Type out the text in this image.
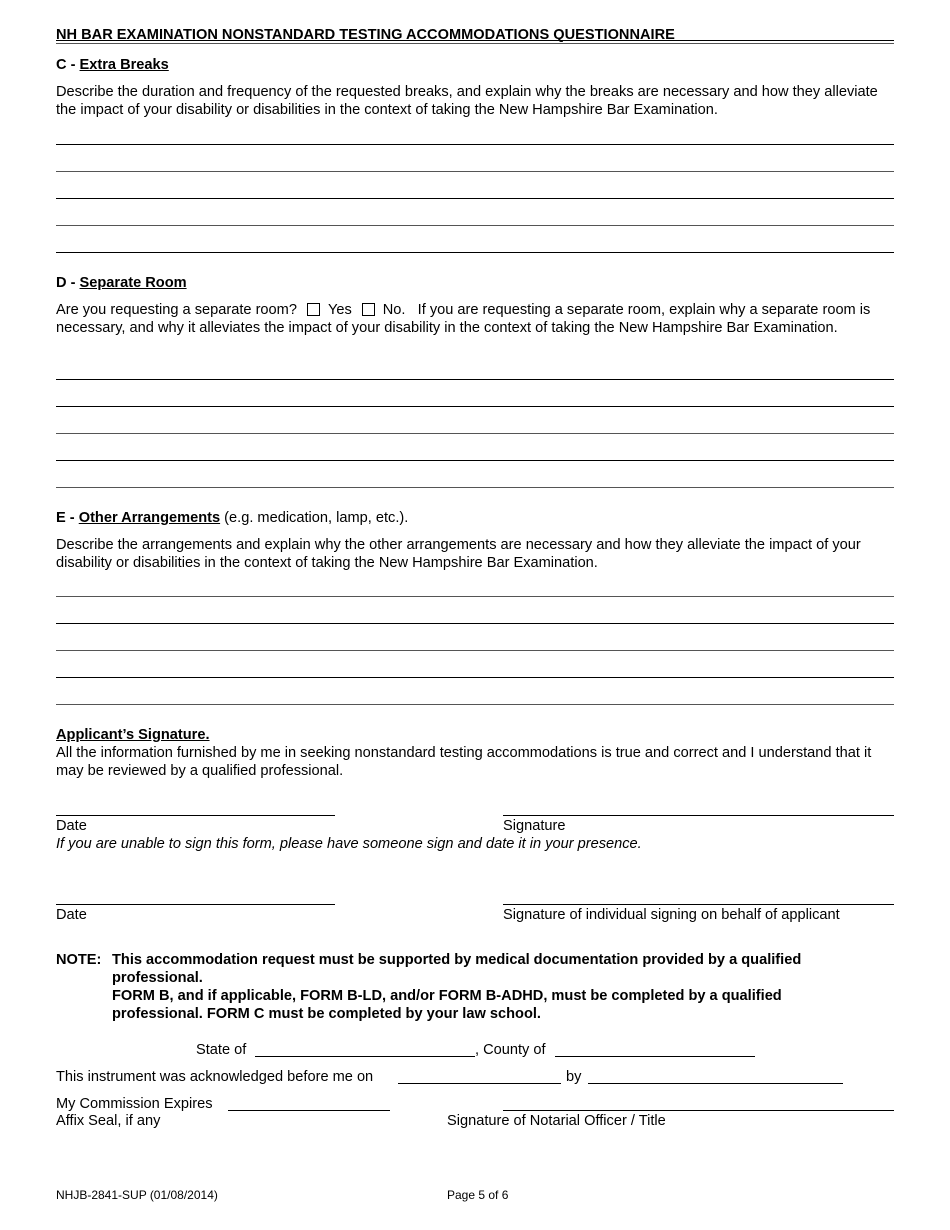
NH BAR EXAMINATION NONSTANDARD TESTING ACCOMMODATIONS QUESTIONNAIRE
C - Extra Breaks
Describe the duration and frequency of the requested breaks, and explain why the breaks are necessary and how they alleviate the impact of your disability or disabilities in the context of taking the New Hampshire Bar Examination.
D - Separate Room
Are you requesting a separate room? Yes No. If you are requesting a separate room, explain why a separate room is necessary, and why it alleviates the impact of your disability in the context of taking the New Hampshire Bar Examination.
E - Other Arrangements (e.g. medication, lamp, etc.).
Describe the arrangements and explain why the other arrangements are necessary and how they alleviate the impact of your disability or disabilities in the context of taking the New Hampshire Bar Examination.
Applicant’s Signature.
All the information furnished by me in seeking nonstandard testing accommodations is true and correct and I understand that it may be reviewed by a qualified professional.
Date	Signature
If you are unable to sign this form, please have someone sign and date it in your presence.
Date	Signature of individual signing on behalf of applicant
NOTE: This accommodation request must be supported by medical documentation provided by a qualified professional.
FORM B, and if applicable, FORM B-LD, and/or FORM B-ADHD, must be completed by a qualified professional. FORM C must be completed by your law school.
State of	, County of
This instrument was acknowledged before me on	by
My Commission Expires
Affix Seal, if any	Signature of Notarial Officer / Title
NHJB-2841-SUP (01/08/2014)	Page 5 of 6
